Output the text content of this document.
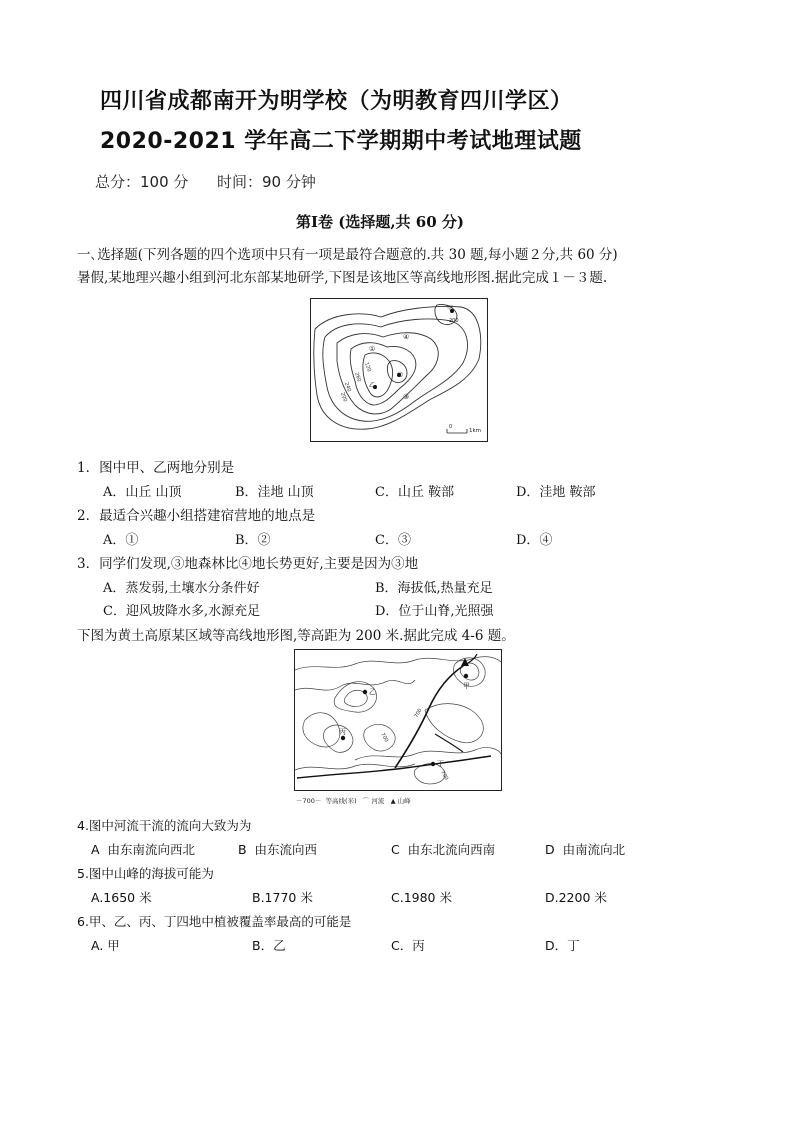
四川省成都南开为明学校（为明教育四川学区）
2020-2021 学年高二下学期期中考试地理试题
总分：100 分      时间：90 分钟
第Ⅰ卷 (选择题,共 60 分)
一､选择题(下列各题的四个选项中只有一项是最符合题意的.共 30 题,每小题２分,共 60 分)
暑假,某地理兴趣小组到河北东部某地研学,下图是该地区等高线地形图.据此完成１－３题.
甲
200
④
①
②
③
乙
120
260
240
200
0
1km
1．图中甲、乙两地分别是
A．山丘 山顶	B．洼地 山顶	C．山丘 鞍部	D．洼地 鞍部
2．最适合兴趣小组搭建宿营地的地点是
A．①	B．②	C．③	D．④
3．同学们发现,③地森林比④地长势更好,主要是因为③地
A．蒸发弱,土壤水分条件好	B．海拔低,热量充足
C．迎风坡降水多,水源充足	D．位于山脊,光照强
下图为黄土高原某区域等高线地形图,等高距为 200 米.据此完成 4-6 题。
甲
乙
丙
丁
700
700
700
－700－  等高线(米)   ⌒ 河流   ▲ 山峰
4.图中河流干流的流向大致为为
A  由东南流向西北	B  由东流向西	C  由东北流向西南	D  由南流向北
5.图中山峰的海拔可能为
A.1650 米	B.1770 米	C.1980 米	D.2200 米
6.甲、乙、丙、丁四地中植被覆盖率最高的可能是
A. 甲	B．乙	C．丙	D．丁
